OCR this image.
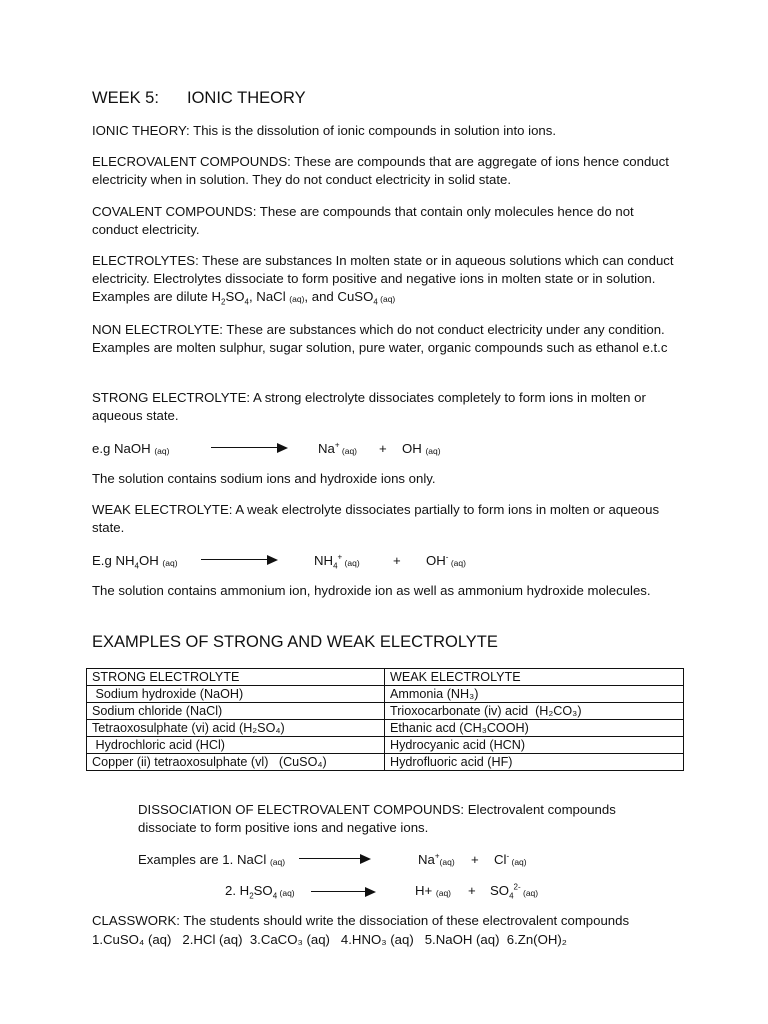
WEEK 5: IONIC THEORY
IONIC THEORY: This is the dissolution of ionic compounds in solution into ions.
ELECROVALENT COMPOUNDS: These are compounds that are aggregate of ions hence conduct electricity when in solution. They do not conduct electricity in solid state.
COVALENT COMPOUNDS: These are compounds that contain only molecules hence do not conduct electricity.
ELECTROLYTES: These are substances In molten state or in aqueous solutions which can conduct electricity. Electrolytes dissociate to form positive and negative ions in molten state or in solution. Examples are dilute $H_2SO_4$, NaCl (aq), and CuSO$_4$ (aq)
NON ELECTROLYTE: These are substances which do not conduct electricity under any condition. Examples are molten sulphur, sugar solution, pure water, organic compounds such as ethanol e.t.c
STRONG ELECTROLYTE: A strong electrolyte dissociates completely to form ions in molten or aqueous state.
e.g NaOH (aq)	Na+ (aq) + OH (aq)
The solution contains sodium ions and hydroxide ions only.
WEAK ELECTROLYTE: A weak electrolyte dissociates partially to form ions in molten or aqueous state.
E.g $NH_4OH$ (aq)	$NH_4^+$ (aq)	+ OH- (aq)
The solution contains ammonium ion, hydroxide ion as well as ammonium hydroxide molecules.
EXAMPLES OF STRONG AND WEAK ELECTROLYTE
STRONG ELECTROLYTE	WEAK ELECTROLYTE
Sodium hydroxide (NaOH)	Ammonia (NH₃)
Sodium chloride (NaCl)	Trioxocarbonate (iv) acid  (H₂CO₃)
Tetraoxosulphate (vi) acid (H₂SO₄)	Ethanic acd (CH₃COOH)
Hydrochloric acid (HCl)	Hydrocyanic acid (HCN)
Copper (ii) tetraoxosulphate (vl)   (CuSO₄)	Hydrofluoric acid (HF)
DISSOCIATION OF ELECTROVALENT COMPOUNDS: Electrovalent compounds dissociate to form positive ions and negative ions.
Examples are 1. NaCl (aq)	Na+(aq) + Cl- (aq)
2. $H_2SO_4$ (aq)	$H+ (aq) + SO_4^{2-}$ (aq)
CLASSWORK: The students should write the dissociation of these electrovalent compounds
1.CuSO₄ (aq)   2.HCl (aq)  3.CaCO₃ (aq)   4.HNO₃ (aq)   5.NaOH (aq)  6.Zn(OH)₂
